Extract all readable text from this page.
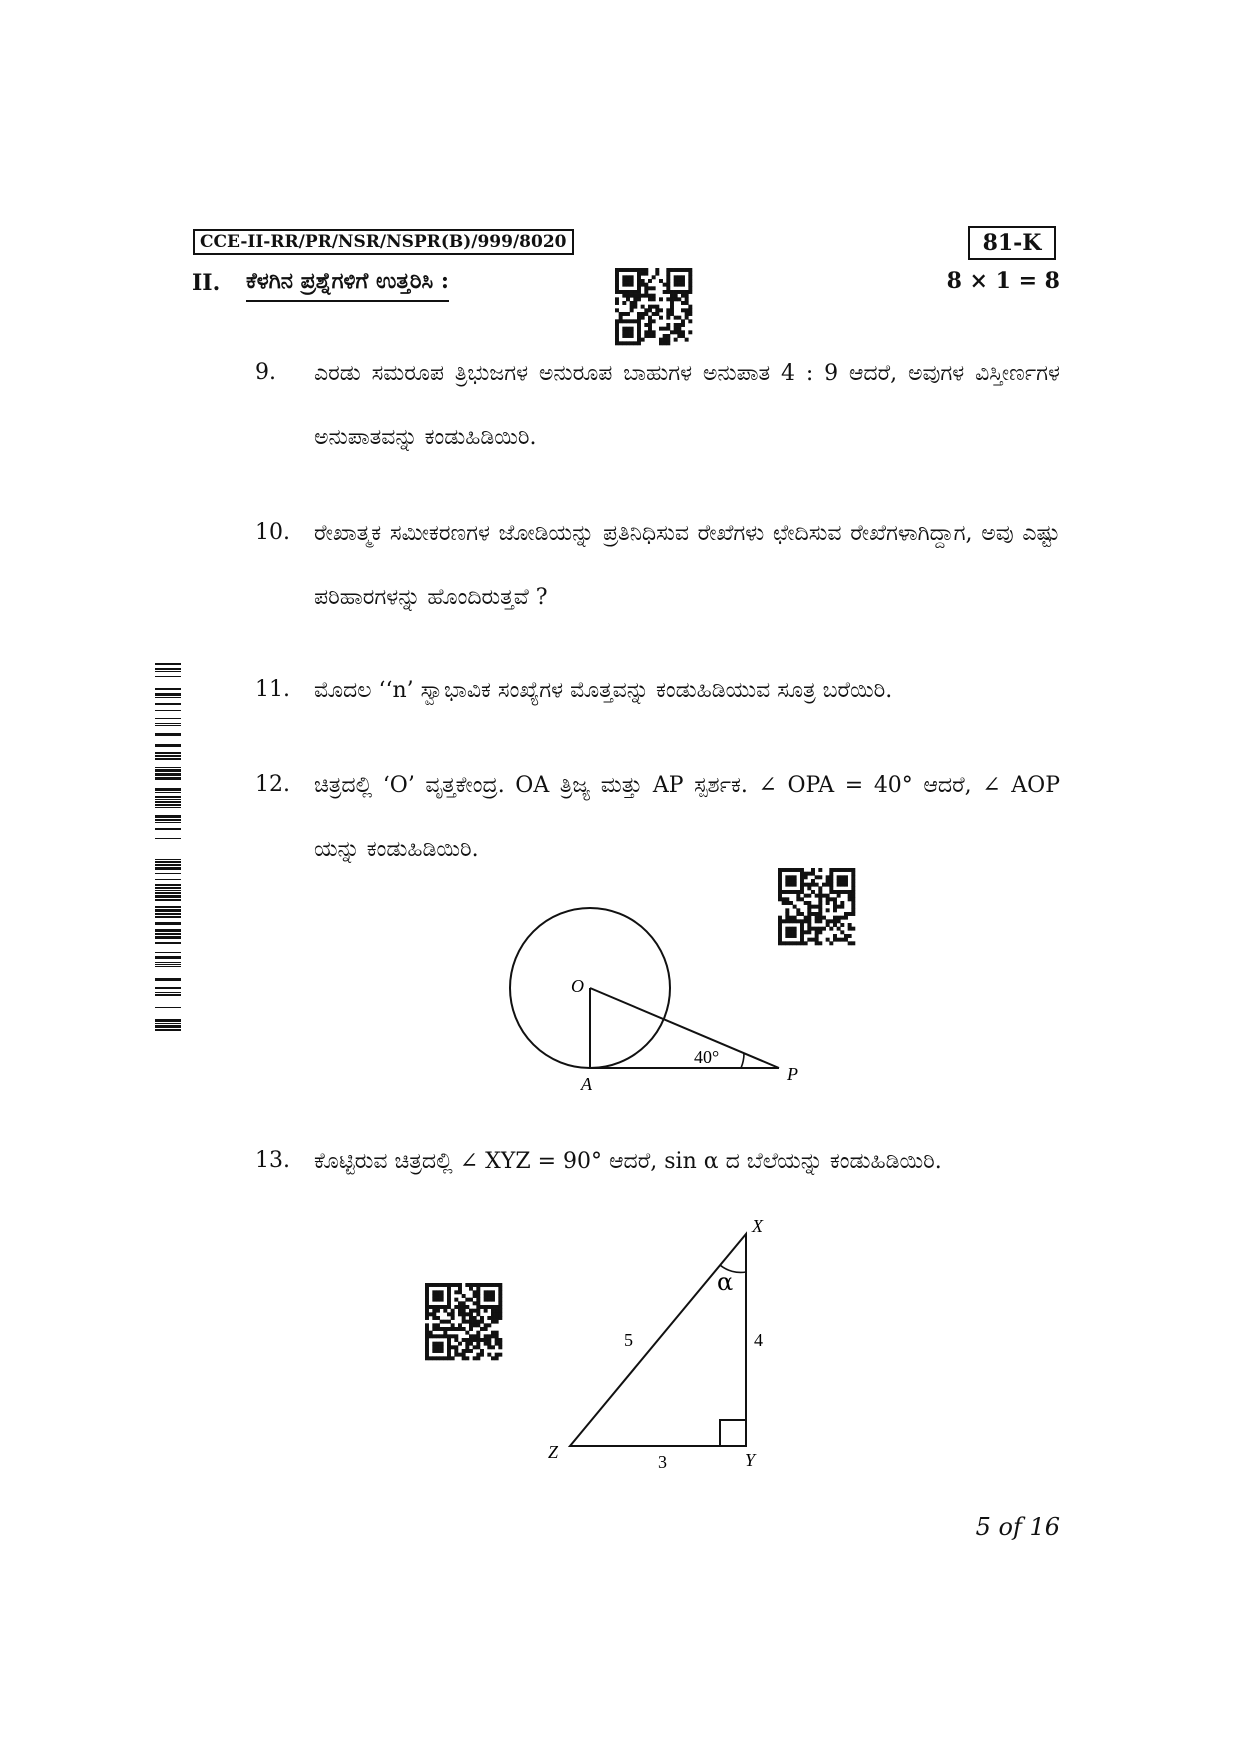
CCE-II-RR/PR/NSR/NSPR(B)/999/8020	81-K
II. ಕೆಳಗಿನ ಪ್ರಶ್ನೆಗಳಿಗೆ ಉತ್ತರಿಸಿ :	8 × 1 = 8
9. ಎರಡು ಸಮರೂಪ ತ್ರಿಭುಜಗಳ ಅನುರೂಪ ಬಾಹುಗಳ ಅನುಪಾತ 4 : 9 ಆದರೆ, ಅವುಗಳ ವಿಸ್ತೀರ್ಣಗಳ ಅನುಪಾತವನ್ನು ಕಂಡುಹಿಡಿಯಿರಿ.
10. ರೇಖಾತ್ಮಕ ಸಮೀಕರಣಗಳ ಜೋಡಿಯನ್ನು ಪ್ರತಿನಿಧಿಸುವ ರೇಖೆಗಳು ಛೇದಿಸುವ ರೇಖೆಗಳಾಗಿದ್ದಾಗ, ಅವು ಎಷ್ಟು ಪರಿಹಾರಗಳನ್ನು ಹೊಂದಿರುತ್ತವೆ ?
11. ಮೊದಲ ‘‘n’ ಸ್ವಾಭಾವಿಕ ಸಂಖ್ಯೆಗಳ ಮೊತ್ತವನ್ನು ಕಂಡುಹಿಡಿಯುವ ಸೂತ್ರ ಬರೆಯಿರಿ.
12. ಚಿತ್ರದಲ್ಲಿ ‘O’ ವೃತ್ತಕೇಂದ್ರ. OA ತ್ರಿಜ್ಯ ಮತ್ತು AP ಸ್ಪರ್ಶಕ. ∠ OPA = 40° ಆದರೆ, ∠ AOP ಯನ್ನು ಕಂಡುಹಿಡಿಯಿರಿ.
O
A	P
40°
13. ಕೊಟ್ಟಿರುವ ಚಿತ್ರದಲ್ಲಿ ∠ XYZ = 90° ಆದರೆ, sin α ದ ಬೆಲೆಯನ್ನು ಕಂಡುಹಿಡಿಯಿರಿ.
X
Y
Z
α
5	4
3
5 of 16
